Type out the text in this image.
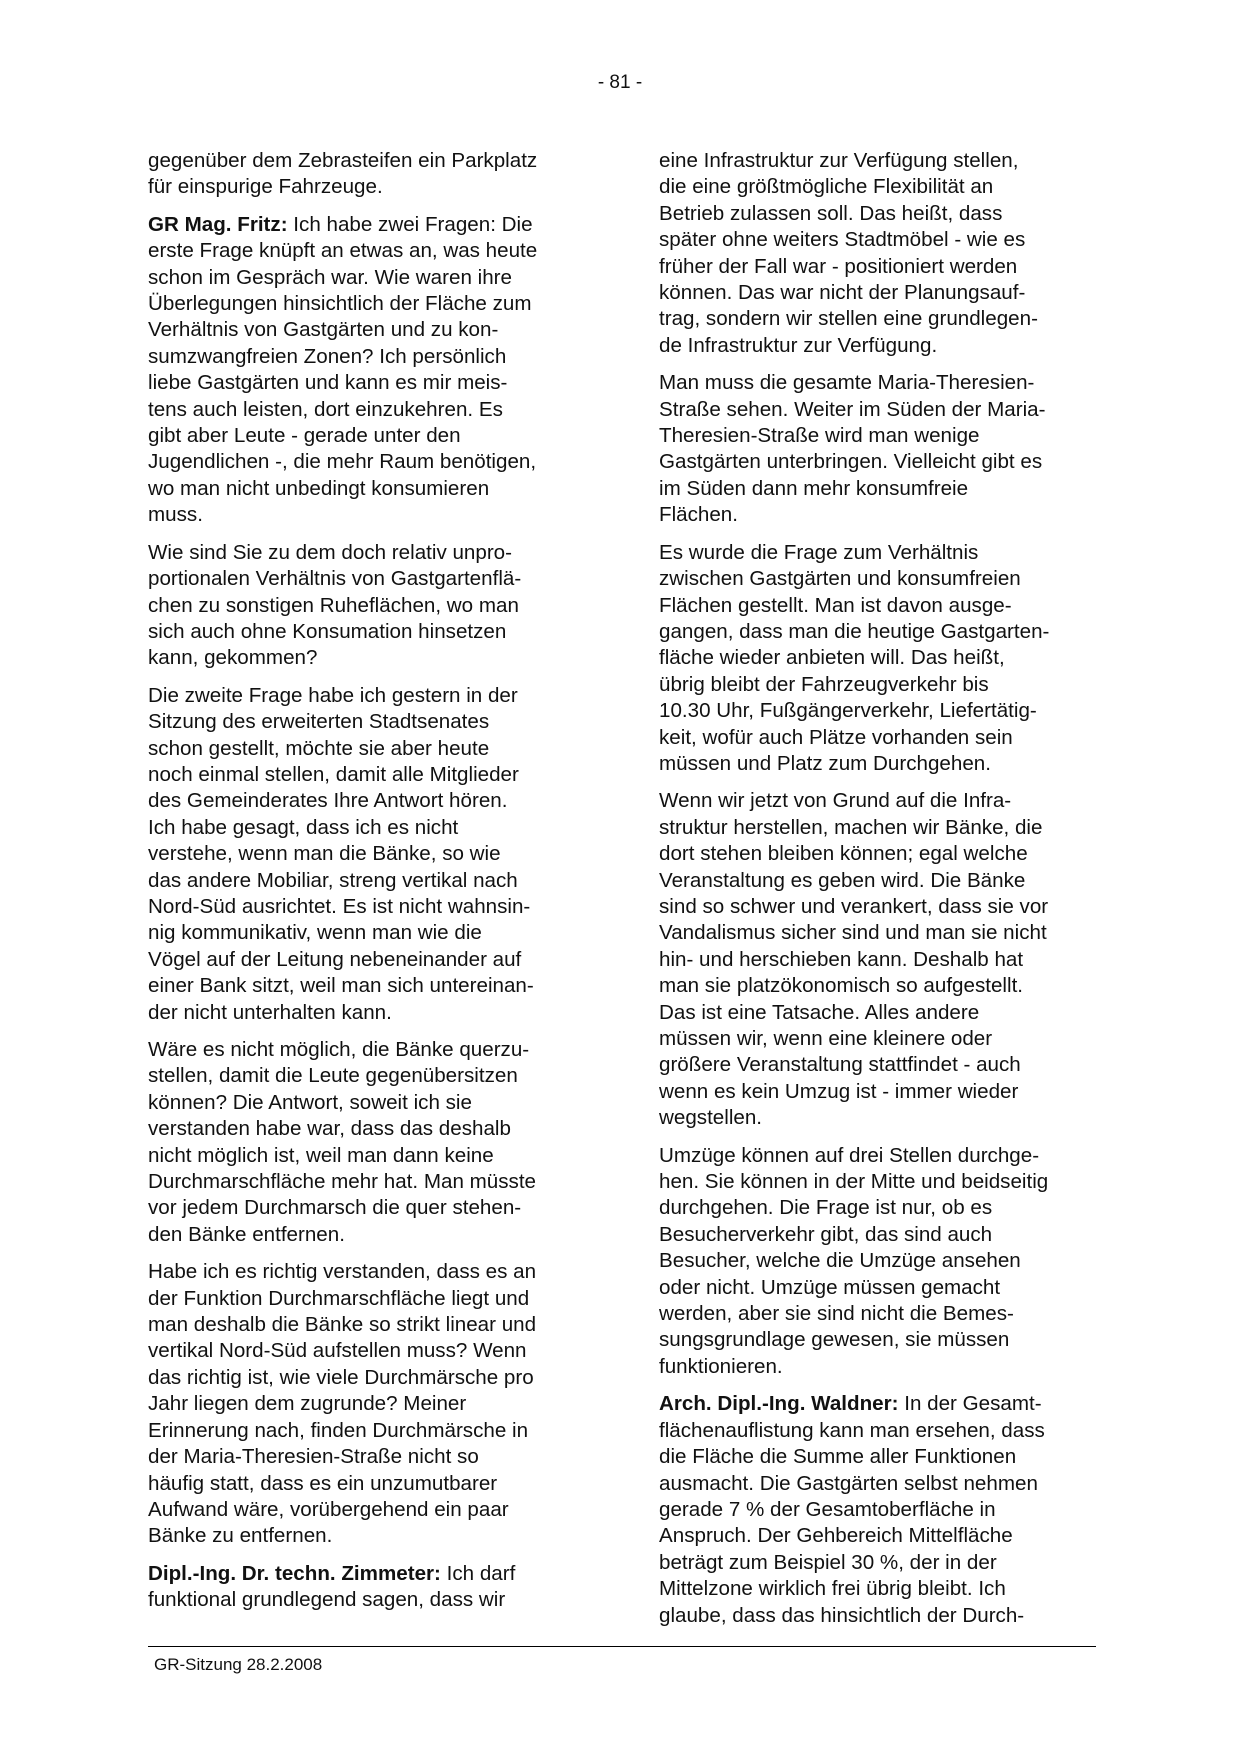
- 81 -

gegenüber dem Zebrasteifen ein Parkplatz
für einspurige Fahrzeuge.

GR Mag. Fritz: Ich habe zwei Fragen: Die
erste Frage knüpft an etwas an, was heute
schon im Gespräch war. Wie waren ihre
Überlegungen hinsichtlich der Fläche zum
Verhältnis von Gastgärten und zu kon-
sumzwangfreien Zonen? Ich persönlich
liebe Gastgärten und kann es mir meis-
tens auch leisten, dort einzukehren. Es
gibt aber Leute - gerade unter den
Jugendlichen -, die mehr Raum benötigen,
wo man nicht unbedingt konsumieren
muss.

Wie sind Sie zu dem doch relativ unpro-
portionalen Verhältnis von Gastgartenflä-
chen zu sonstigen Ruheflächen, wo man
sich auch ohne Konsumation hinsetzen
kann, gekommen?

Die zweite Frage habe ich gestern in der
Sitzung des erweiterten Stadtsenates
schon gestellt, möchte sie aber heute
noch einmal stellen, damit alle Mitglieder
des Gemeinderates Ihre Antwort hören.
Ich habe gesagt, dass ich es nicht
verstehe, wenn man die Bänke, so wie
das andere Mobiliar, streng vertikal nach
Nord-Süd ausrichtet. Es ist nicht wahnsin-
nig kommunikativ, wenn man wie die
Vögel auf der Leitung nebeneinander auf
einer Bank sitzt, weil man sich untereinan-
der nicht unterhalten kann.

Wäre es nicht möglich, die Bänke querzu-
stellen, damit die Leute gegenübersitzen
können? Die Antwort, soweit ich sie
verstanden habe war, dass das deshalb
nicht möglich ist, weil man dann keine
Durchmarschfläche mehr hat. Man müsste
vor jedem Durchmarsch die quer stehen-
den Bänke entfernen.

Habe ich es richtig verstanden, dass es an
der Funktion Durchmarschfläche liegt und
man deshalb die Bänke so strikt linear und
vertikal Nord-Süd aufstellen muss? Wenn
das richtig ist, wie viele Durchmärsche pro
Jahr liegen dem zugrunde? Meiner
Erinnerung nach, finden Durchmärsche in
der Maria-Theresien-Straße nicht so
häufig statt, dass es ein unzumutbarer
Aufwand wäre, vorübergehend ein paar
Bänke zu entfernen.

Dipl.-Ing. Dr. techn. Zimmeter: Ich darf
funktional grundlegend sagen, dass wir

eine Infrastruktur zur Verfügung stellen,
die eine größtmögliche Flexibilität an
Betrieb zulassen soll. Das heißt, dass
später ohne weiters Stadtmöbel - wie es
früher der Fall war - positioniert werden
können. Das war nicht der Planungsauf-
trag, sondern wir stellen eine grundlegen-
de Infrastruktur zur Verfügung.

Man muss die gesamte Maria-Theresien-
Straße sehen. Weiter im Süden der Maria-
Theresien-Straße wird man wenige
Gastgärten unterbringen. Vielleicht gibt es
im Süden dann mehr konsumfreie
Flächen.

Es wurde die Frage zum Verhältnis
zwischen Gastgärten und konsumfreien
Flächen gestellt. Man ist davon ausge-
gangen, dass man die heutige Gastgarten-
fläche wieder anbieten will. Das heißt,
übrig bleibt der Fahrzeugverkehr bis
10.30 Uhr, Fußgängerverkehr, Liefertätig-
keit, wofür auch Plätze vorhanden sein
müssen und Platz zum Durchgehen.

Wenn wir jetzt von Grund auf die Infra-
struktur herstellen, machen wir Bänke, die
dort stehen bleiben können; egal welche
Veranstaltung es geben wird. Die Bänke
sind so schwer und verankert, dass sie vor
Vandalismus sicher sind und man sie nicht
hin- und herschieben kann. Deshalb hat
man sie platzökonomisch so aufgestellt.
Das ist eine Tatsache. Alles andere
müssen wir, wenn eine kleinere oder
größere Veranstaltung stattfindet - auch
wenn es kein Umzug ist - immer wieder
wegstellen.

Umzüge können auf drei Stellen durchge-
hen. Sie können in der Mitte und beidseitig
durchgehen. Die Frage ist nur, ob es
Besucherverkehr gibt, das sind auch
Besucher, welche die Umzüge ansehen
oder nicht. Umzüge müssen gemacht
werden, aber sie sind nicht die Bemes-
sungsgrundlage gewesen, sie müssen
funktionieren.

Arch. Dipl.-Ing. Waldner: In der Gesamt-
flächenauflistung kann man ersehen, dass
die Fläche die Summe aller Funktionen
ausmacht. Die Gastgärten selbst nehmen
gerade 7 % der Gesamtoberfläche in
Anspruch. Der Gehbereich Mittelfläche
beträgt zum Beispiel 30 %, der in der
Mittelzone wirklich frei übrig bleibt. Ich
glaube, dass das hinsichtlich der Durch-

GR-Sitzung 28.2.2008
